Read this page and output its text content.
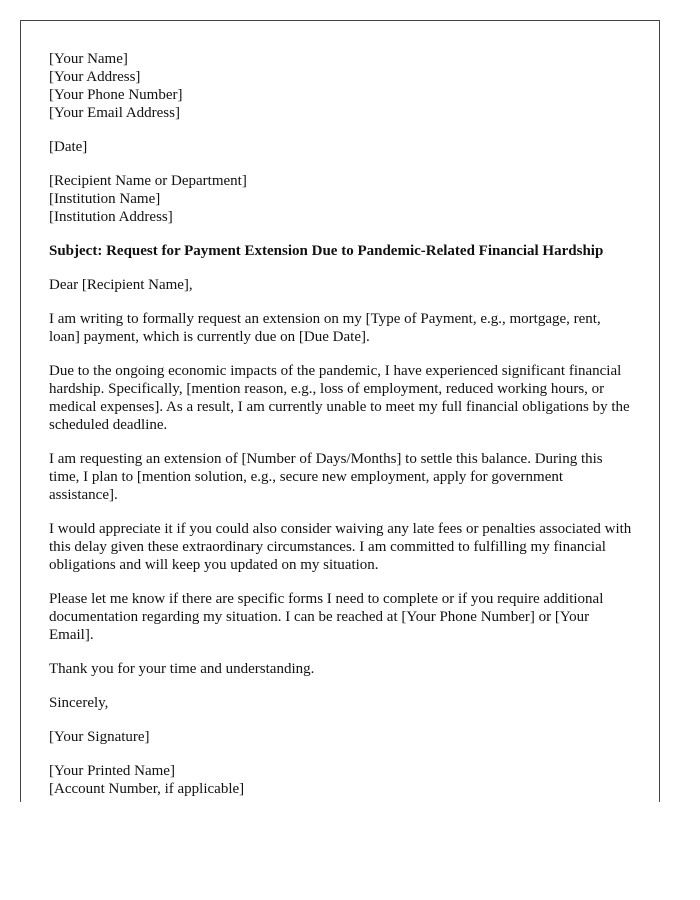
[Your Name]
[Your Address]
[Your Phone Number]
[Your Email Address]

[Date]

[Recipient Name or Department]
[Institution Name]
[Institution Address]

Subject: Request for Payment Extension Due to Pandemic-Related Financial Hardship

Dear [Recipient Name],

I am writing to formally request an extension on my [Type of Payment, e.g., mortgage, rent, loan] payment, which is currently due on [Due Date].

Due to the ongoing economic impacts of the pandemic, I have experienced significant financial hardship. Specifically, [mention reason, e.g., loss of employment, reduced working hours, or medical expenses]. As a result, I am currently unable to meet my full financial obligations by the scheduled deadline.

I am requesting an extension of [Number of Days/Months] to settle this balance. During this time, I plan to [mention solution, e.g., secure new employment, apply for government assistance].

I would appreciate it if you could also consider waiving any late fees or penalties associated with this delay given these extraordinary circumstances. I am committed to fulfilling my financial obligations and will keep you updated on my situation.

Please let me know if there are specific forms I need to complete or if you require additional documentation regarding my situation. I can be reached at [Your Phone Number] or [Your Email].

Thank you for your time and understanding.

Sincerely,

[Your Signature]

[Your Printed Name]
[Account Number, if applicable]
